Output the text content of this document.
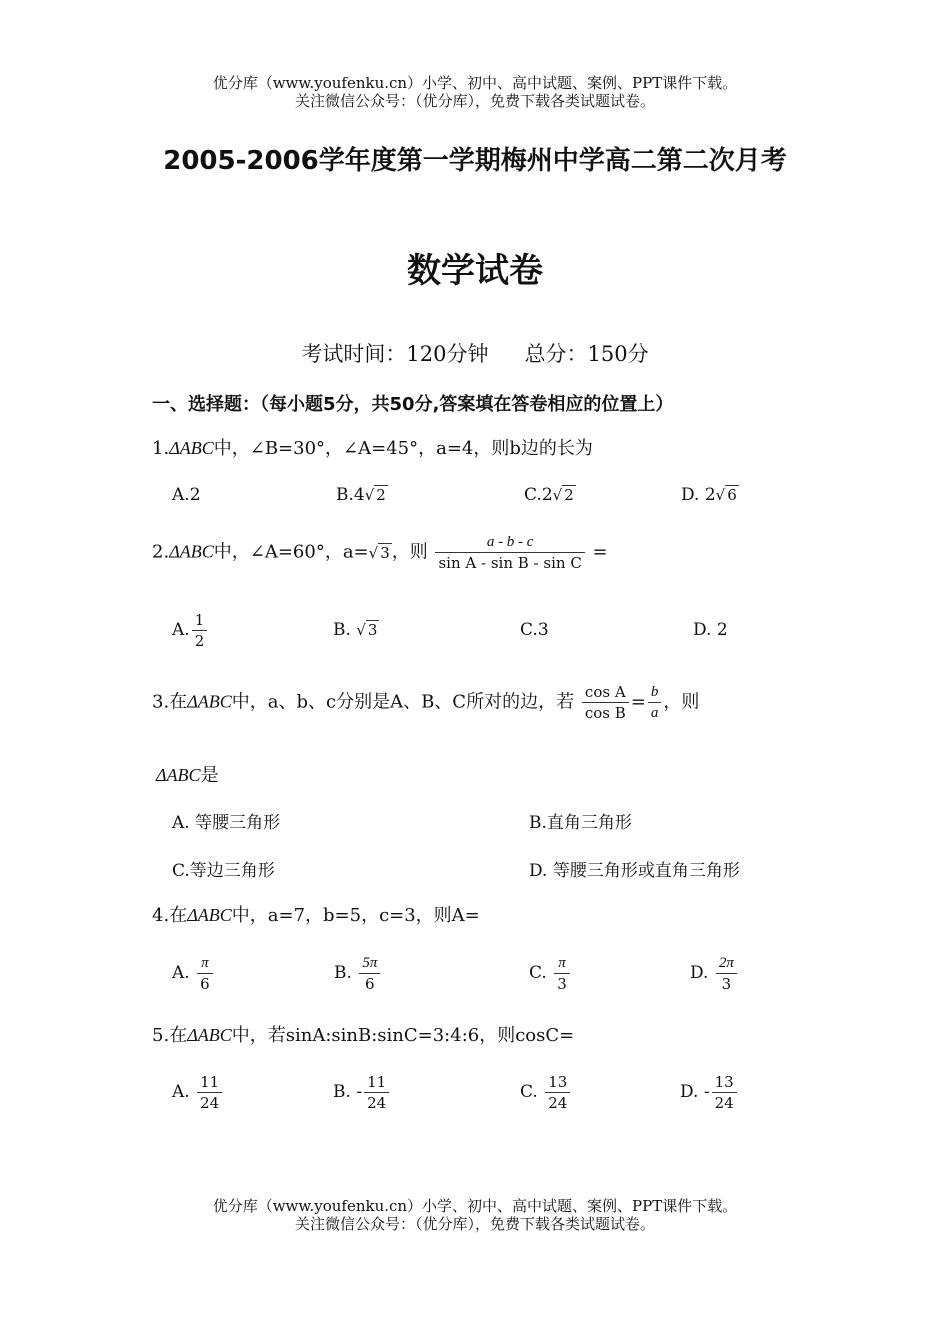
优分库（www.youfenku.cn）小学、初中、高中试题、案例、PPT课件下载。
关注微信公众号：（优分库），免费下载各类试题试卷。
2005-2006学年度第一学期梅州中学高二第二次月考
数学试卷
考试时间：120分钟 总分：150分
一、选择题：（每小题5分，共50分,答案填在答卷相应的位置上）
1.ΔABC中，∠B=30°，∠A=45°，a=4，则b边的长为
A.2	B.4√ 2	C.2√ 2	D. 2√ 6
2.ΔABC中，∠A=60°，a=√ 3 ，则 $\frac{a - b - c}{\text{sin A - sin B - sin C}}$ =
A. $\frac{1}{2}$	B. √ 3	C.3	D. 2
3.在ΔABC中，a、b、c分别是A、B、C所对的边，若 $\frac{\text{cos A}}{\text{cos B}} = \frac{b}{a}$ ，则
ΔABC是
A. 等腰三角形	B.直角三角形
C.等边三角形	D. 等腰三角形或直角三角形
4.在ΔABC中，a=7，b=5，c=3，则A=
A. $\frac{\pi}{6}$	B. $\frac{5\pi}{6}$	C. $\frac{\pi}{3}$	D. $\frac{2\pi}{3}$
5.在ΔABC中，若sinA:sinB:sinC=3:4:6，则cosC=
A. $\frac{11}{24}$	B. - $\frac{11}{24}$	C. $\frac{13}{24}$	D. - $\frac{13}{24}$
优分库（www.youfenku.cn）小学、初中、高中试题、案例、PPT课件下载。
关注微信公众号：（优分库），免费下载各类试题试卷。
